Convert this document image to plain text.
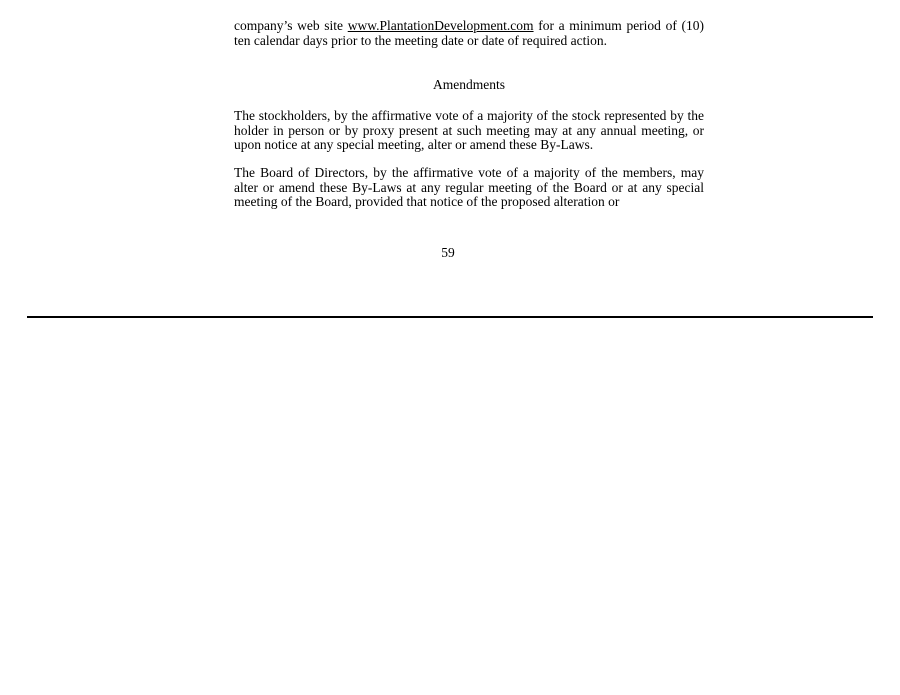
company’s web site www.PlantationDevelopment.com for a minimum period of (10) ten calendar days prior to the meeting date or date of required action.

Amendments

The stockholders, by the affirmative vote of a majority of the stock represented by the holder in person or by proxy present at such meeting may at any annual meeting, or upon notice at any special meeting, alter or amend these By-Laws.

The Board of Directors, by the affirmative vote of a majority of the members, may alter or amend these By-Laws at any regular meeting of the Board or at any special meeting of the Board, provided that notice of the proposed alteration or

59
